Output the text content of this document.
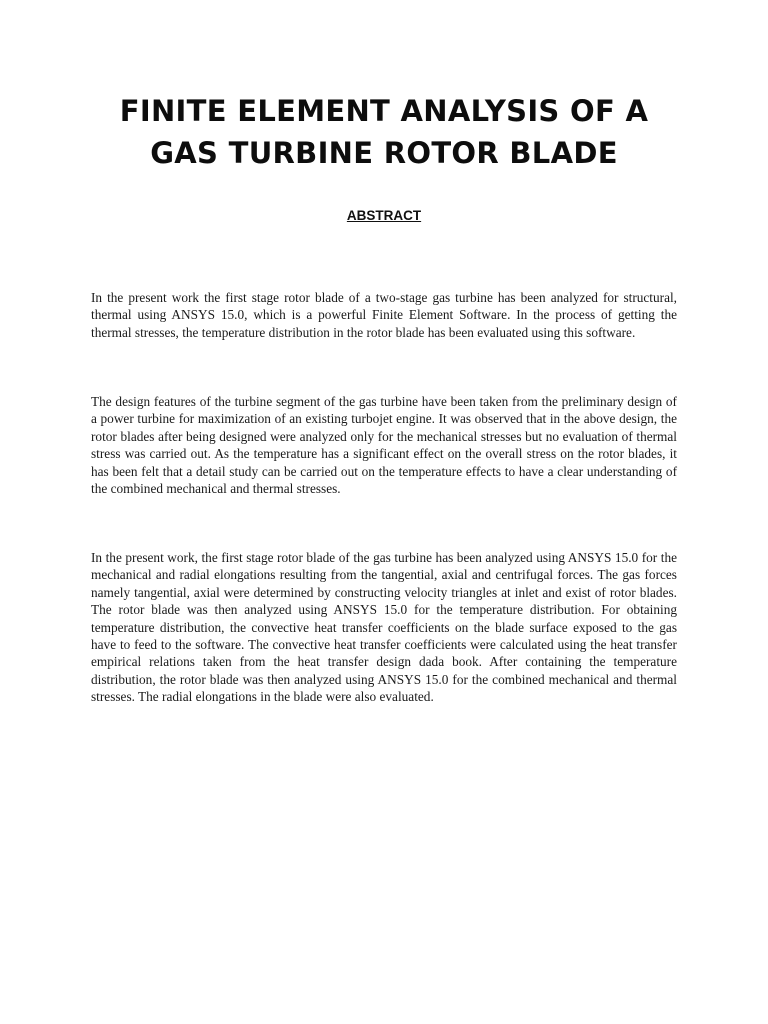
FINITE ELEMENT ANALYSIS OF A
GAS TURBINE ROTOR BLADE
ABSTRACT

In the present work the first stage rotor blade of a two-stage gas turbine has been analyzed for structural, thermal using ANSYS 15.0, which is a powerful Finite Element Software. In the process of getting the thermal stresses, the temperature distribution in the rotor blade has been evaluated using this software.

The design features of the turbine segment of the gas turbine have been taken from the preliminary design of a power turbine for maximization of an existing turbojet engine. It was observed that in the above design, the rotor blades after being designed were analyzed only for the mechanical stresses but no evaluation of thermal stress was carried out. As the temperature has a significant effect on the overall stress on the rotor blades, it has been felt that a detail study can be carried out on the temperature effects to have a clear understanding of the combined mechanical and thermal stresses.

In the present work, the first stage rotor blade of the gas turbine has been analyzed using ANSYS 15.0 for the mechanical and radial elongations resulting from the tangential, axial and centrifugal forces. The gas forces namely tangential, axial were determined by constructing velocity triangles at inlet and exist of rotor blades. The rotor blade was then analyzed using ANSYS 15.0 for the temperature distribution. For obtaining temperature distribution, the convective heat transfer coefficients on the blade surface exposed to the gas have to feed to the software. The convective heat transfer coefficients were calculated using the heat transfer empirical relations taken from the heat transfer design dada book. After containing the temperature distribution, the rotor blade was then analyzed using ANSYS 15.0 for the combined mechanical and thermal stresses. The radial elongations in the blade were also evaluated.
